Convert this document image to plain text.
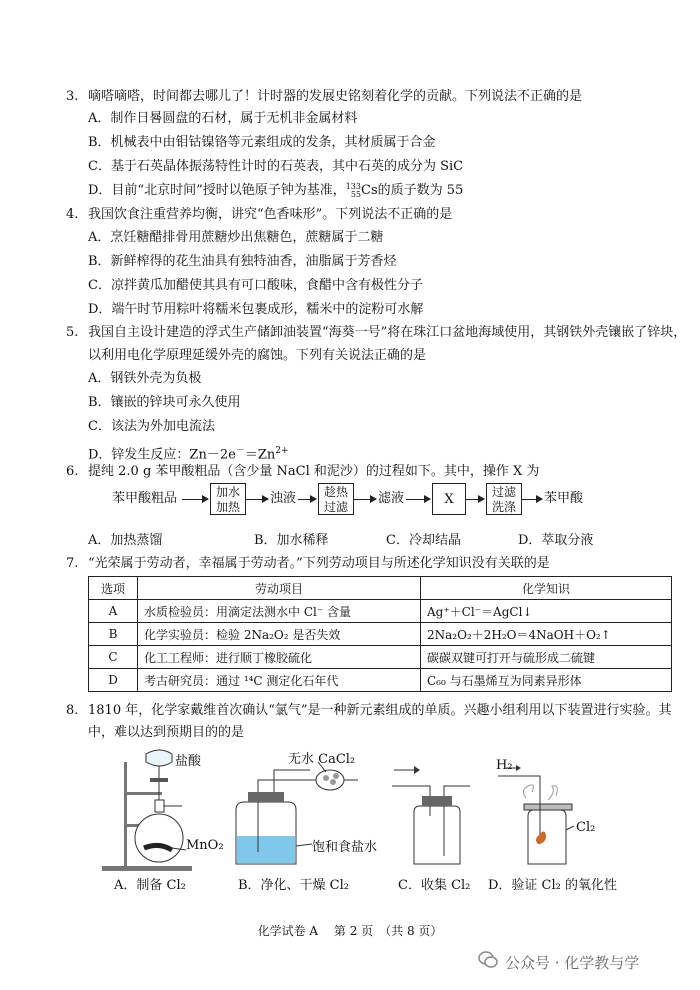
3. 嘀嗒嘀嗒，时间都去哪儿了！计时器的发展史铭刻着化学的贡献。下列说法不正确的是
A．制作日晷圆盘的石材，属于无机非金属材料
B．机械表中由钼钴镍铬等元素组成的发条，其材质属于合金
C．基于石英晶体振荡特性计时的石英表，其中石英的成分为 SiC
D．目前“北京时间”授时以铯原子钟为基准，133
55Cs的质子数为 55
4. 我国饮食注重营养均衡，讲究“色香味形”。下列说法不正确的是
A．烹饪糖醋排骨用蔗糖炒出焦糖色，蔗糖属于二糖
B．新鲜榨得的花生油具有独特油香，油脂属于芳香烃
C．凉拌黄瓜加醋使其具有可口酸味，食醋中含有极性分子
D．端午时节用粽叶将糯米包裹成形，糯米中的淀粉可水解
5. 我国自主设计建造的浮式生产储卸油装置“海葵一号”将在珠江口盆地海域使用，其钢铁外壳镶嵌了锌块，
以利用电化学原理延缓外壳的腐蚀。下列有关说法正确的是
A．钢铁外壳为负极
B．镶嵌的锌块可永久使用
C．该法为外加电流法
D．锌发生反应：$Zn-2e^-=Zn^{2+}$
6. 提纯 2.0 g 苯甲酸粗品（含少量 NaCl 和泥沙）的过程如下。其中，操作 X 为
苯甲酸粗品	加水
加热
浊液	趁热
过滤
滤液	X	过滤
洗涤
苯甲酸
A．加热蒸馏	B．加水稀释	C．冷却结晶	D．萃取分液
7. “光荣属于劳动者，幸福属于劳动者。”下列劳动项目与所述化学知识没有关联的是
选项	劳动项目	化学知识
A	水质检验员：用滴定法测水中 Cl⁻ 含量	Ag⁺＋Cl⁻＝AgCl↓
B	化学实验员：检验 2Na₂O₂ 是否失效	2Na₂O₂＋2H₂O＝4NaOH＋O₂↑
C	化工工程师：进行顺丁橡胶硫化	碳碳双键可打开与硫形成二硫键
D	考古研究员：通过 ¹⁴C 测定化石年代	C₆₀ 与石墨烯互为同素异形体
8. 1810 年，化学家戴维首次确认“氯气”是一种新元素组成的单质。兴趣小组利用以下装置进行实验。其
中，难以达到预期目的的是
盐酸
MnO₂
无水 CaCl₂
饱和食盐水
H₂
Cl₂
A．制备 Cl₂	B．净化、干燥 Cl₂	C．收集 Cl₂ D．验证 Cl₂ 的氧化性
化学试卷 A　 第 2 页　（共 8 页）
公众号 · 化学教与学
